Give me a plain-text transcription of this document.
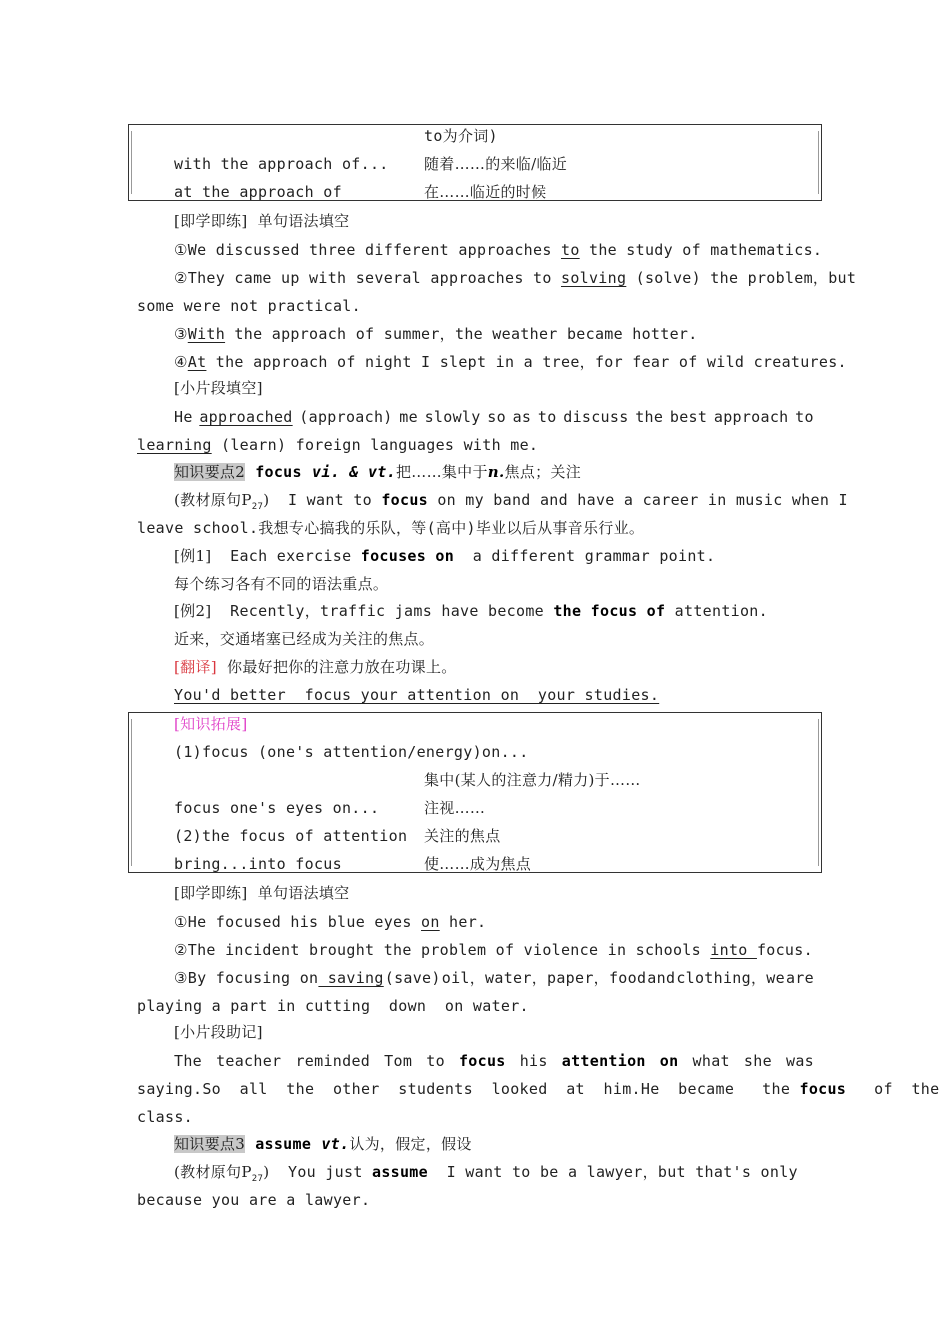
to为介词)
with the approach of... 随着……的来临/临近
at the approach of	在……临近的时候
[即学即练]  单句语法填空
①We discussed three different approaches to the study of mathematics.
②They came up with several approaches to solving (solve) the problem，but
some were not practical.
③With the approach of summer，the weather became hotter.
④At the approach of night I slept in a tree，for fear of wild creatures.
[小片段填空]
He approached (approach) me slowly so as to discuss the best approach to
learning (learn) foreign languages with me.
知识要点2 focus vi. & vt.把……集中于n.焦点；关注
(教材原句$P_{27}$)  I want to focus on my band and have a career in music when I
leave school.我想专心搞我的乐队，等(高中)毕业以后从事音乐行业。
[例1]  Each exercise focuses on  a different grammar point.
每个练习各有不同的语法重点。
[例2]  Recently，traffic jams have become the focus of attention.
近来，交通堵塞已经成为关注的焦点。
[翻译]  你最好把你的注意力放在功课上。
You'd better  focus your attention on  your studies.
[知识拓展]
(1)focus (one's attention/energy)on...
集中(某人的注意力/精力)于……
focus one's eyes on...	注视……
(2)the focus of attention 关注的焦点
bring...into focus	使……成为焦点
[即学即练]  单句语法填空
①He focused his blue eyes on her.
②The incident brought the problem of violence in schools into focus.
③By focusing on saving (save) oil，water，paper，food and clothing，we are
playing a part in cutting  down  on water.
[小片段助记]
The teacher reminded Tom to focus his attention on what she was
saying.So  all  the  other  students  looked  at  him.He  became   the focus   of  the
class.
知识要点3 assume vt.认为，假定，假设
(教材原句$P_{27}$)  You just assume  I want to be a lawyer，but that's only
because you are a lawyer.
